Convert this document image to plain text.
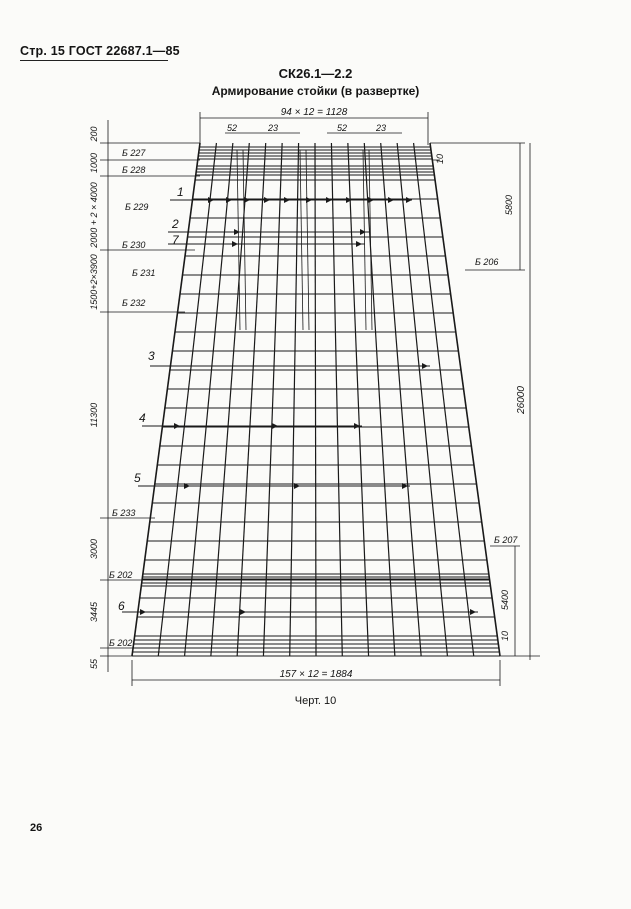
Стр. 15 ГОСТ 22687.1—85
СК26.1—2.2
Армирование стойки (в развертке)
94 × 12 = 1128
52	23	52	23
157 × 12 = 1884
200
1000
2000 + 2 × 4000
1500+2×3900
11300
3000
3445
55
10
5800
26000
5400
10
Б 227
Б 228
Б 229
Б 230
Б 231
Б 232
Б 233
Б 202
Б 202
Б 206
Б 207
1
2
7
3
4
5
6
Черт. 10
26
